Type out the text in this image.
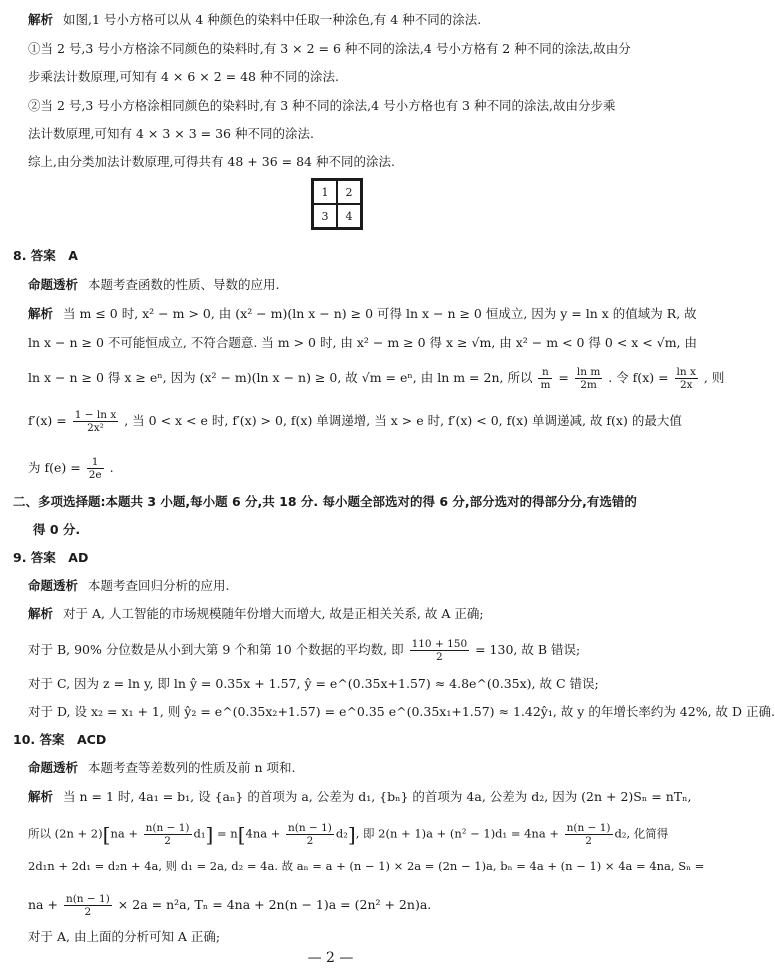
解析 如图,1 号小方格可以从 4 种颜色的染料中任取一种涂色,有 4 种不同的涂法.
①当 2 号,3 号小方格涂不同颜色的染料时,有 3 × 2 = 6 种不同的涂法,4 号小方格有 2 种不同的涂法,故由分
步乘法计数原理,可知有 4 × 6 × 2 = 48 种不同的涂法.
②当 2 号,3 号小方格涂相同颜色的染料时,有 3 种不同的涂法,4 号小方格也有 3 种不同的涂法,故由分步乘
法计数原理,可知有 4 × 3 × 3 = 36 种不同的涂法.
综上,由分类加法计数原理,可得共有 48 + 36 = 84 种不同的涂法.
1	2
3	4
8. 答案　A
命题透析 本题考查函数的性质、导数的应用.
解析 当 m ≤ 0 时, x² − m > 0, 由 (x² − m)(ln x − n) ≥ 0 可得 ln x − n ≥ 0 恒成立, 因为 y = ln x 的值域为 R, 故
ln x − n ≥ 0 不可能恒成立, 不符合题意. 当 m > 0 时, 由 x² − m ≥ 0 得 x ≥ √m, 由 x² − m < 0 得 0 < x < √m, 由
ln x − n ≥ 0 得 x ≥ eⁿ, 因为 (x² − m)(ln x − n) ≥ 0, 故 √m = eⁿ, 由 ln m = 2n, 所以 $\frac{n}{m} = \frac{\text{ln m}}{2m}$ . 令 $f(x) = \frac{\text{ln x}}{2x}$ , 则
$f'(x) = \frac{\text{1 − ln x}}{\text{2x²}}$ , 当 0 < x < e 时, f′(x) > 0, f(x) 单调递增, 当 x > e 时, f′(x) < 0, f(x) 单调递减, 故 f(x) 的最大值
为 $f(e) = \frac{1}{2e}$ .
二、多项选择题:本题共 3 小题,每小题 6 分,共 18 分. 每小题全部选对的得 6 分,部分选对的得部分分,有选错的
得 0 分.
9. 答案　AD
命题透析 本题考查回归分析的应用.
解析 对于 A, 人工智能的市场规模随年份增大而增大, 故是正相关关系, 故 A 正确;
对于 B, 90% 分位数是从小到大第 9 个和第 10 个数据的平均数, 即 $\frac{110 + 150}{2} = 130$, 故 B 错误;
对于 C, 因为 z = ln y, 即 ln ŷ = 0.35x + 1.57, ŷ = e^(0.35x+1.57) ≈ 4.8e^(0.35x), 故 C 错误;
对于 D, 设 x₂ = x₁ + 1, 则 ŷ₂ = e^(0.35x₂+1.57) = e^0.35 e^(0.35x₁+1.57) ≈ 1.42ŷ₁, 故 y 的年增长率约为 42%, 故 D 正确.
10. 答案　ACD
命题透析 本题考查等差数列的性质及前 n 项和.
解析 当 n = 1 时, 4a₁ = b₁, 设 {aₙ} 的首项为 a, 公差为 d₁, {bₙ} 的首项为 4a, 公差为 d₂, 因为 (2n + 2)Sₙ = nTₙ,
所以 $(2n + 2)[na + \frac{n(n - 1)}{2} d_1] = n[4na + \frac{n(n - 1)}{2} d_2]$, 即 $2(n + 1)a + (n^2 - 1)d_1 = 4na + \frac{n(n - 1)}{2} d_2$, 化简得
2d₁n + 2d₁ = d₂n + 4a, 则 d₁ = 2a, d₂ = 4a. 故 aₙ = a + (n − 1) × 2a = (2n − 1)a, bₙ = 4a + (n − 1) × 4a = 4na, Sₙ =
na + $\frac{n(n - 1)}{2} \times 2a = n^2a$, Tₙ = 4na + 2n(n − 1)a = (2n² + 2n)a.
对于 A, 由上面的分析可知 A 正确;
— 2 —
